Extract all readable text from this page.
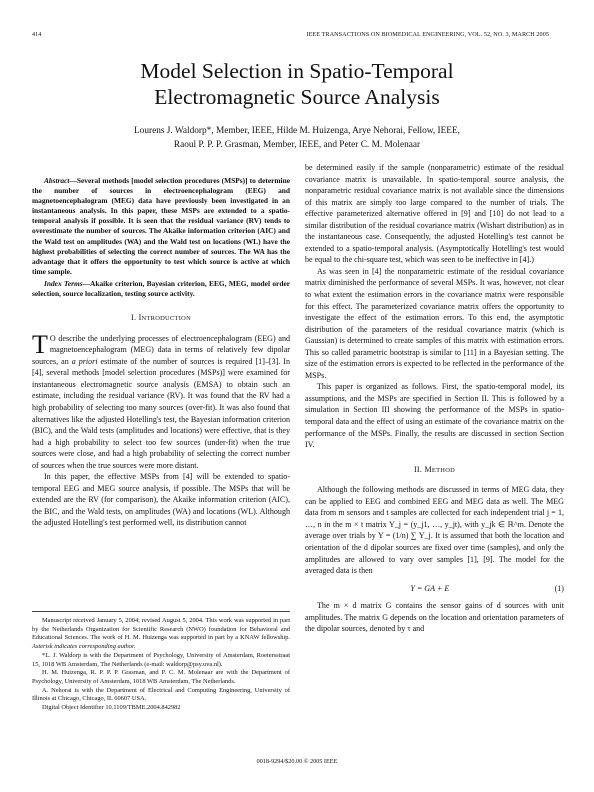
414	IEEE TRANSACTIONS ON BIOMEDICAL ENGINEERING, VOL. 52, NO. 3, MARCH 2005
Model Selection in Spatio-Temporal
Electromagnetic Source Analysis
Lourens J. Waldorp*, Member, IEEE, Hilde M. Huizenga, Arye Nehorai, Fellow, IEEE,
Raoul P. P. P. Grasman, Member, IEEE, and Peter C. M. Molenaar

Abstract—Several methods [model selection procedures (MSPs)] to determine the number of sources in electroencephalogram (EEG) and magnetoencephalogram (MEG) data have previously been investigated in an instantaneous analysis. In this paper, these MSPs are extended to a spatio-temporal analysis if possible. It is seen that the residual variance (RV) tends to overestimate the number of sources. The Akaike information criterion (AIC) and the Wald test on amplitudes (WA) and the Wald test on locations (WL) have the highest probabilities of selecting the correct number of sources. The WA has the advantage that it offers the opportunity to test which source is active at which time sample.

Index Terms—Akaike criterion, Bayesian criterion, EEG, MEG, model order selection, source localization, testing source activity.

I. INTRODUCTION

T O describe the underlying processes of electroencephalogram (EEG) and magnetoencephalogram (MEG) data in terms of relatively few dipolar sources, an a priori estimate of the number of sources is required [1]–[3]. In [4], several methods [model selection procedures (MSPs)] were examined for instantaneous electromagnetic source analysis (EMSA) to obtain such an estimate, including the residual variance (RV). It was found that the RV had a high probability of selecting too many sources (over-fit). It was also found that alternatives like the adjusted Hotelling's test, the Bayesian information criterion (BIC), and the Wald tests (amplitudes and locations) were effective, that is they had a high probability to select too few sources (under-fit) when the true sources were close, and had a high probability of selecting the correct number of sources when the true sources were more distant.

In this paper, the effective MSPs from [4] will be extended to spatio-temporal EEG and MEG source analysis, if possible. The MSPs that will be extended are the RV (for comparison), the Akaike information criterion (AIC), the BIC, and the Wald tests, on amplitudes (WA) and locations (WL). Although the adjusted Hotelling's test performed well, its distribution cannot

Manuscript received January 5, 2004; revised August 5, 2004. This work was supported in part by the Netherlands Organization for Scientific Research (NWO) foundation for Behavioral and Educational Sciences. The work of H. M. Huizenga was supported in part by a KNAW fellowship. Asterisk indicates corresponding author.

*L. J. Waldorp is with the Department of Psychology, University of Amsterdam, Roetersstraat 15, 1018 WB Amsterdam, The Netherlands (e-mail: waldorp@psy.uva.nl).

H. M. Huizenga, R. P. P. P. Grasman, and P. C. M. Molenaar are with the Department of Psychology, University of Amsterdam, 1018 WB Amsterdam, The Netherlands.

A. Nehorai is with the Department of Electrical and Computing Engineering, University of Illinois at Chicago, Chicago, IL 60607 USA.

Digital Object Identifier 10.1109/TBME.2004.842982

be determined easily if the sample (nonparametric) estimate of the residual covariance matrix is unavailable. In spatio-temporal source analysis, the nonparametric residual covariance matrix is not available since the dimensions of this matrix are simply too large compared to the number of trials. The effective parameterized alternative offered in [9] and [10] do not lead to a similar distribution of the residual covariance matrix (Wishart distribution) as in the instantaneous case. Consequently, the adjusted Hotelling's test cannot be extended to a spatio-temporal analysis. (Asymptotically Hotelling's test would be equal to the chi-square test, which was seen to be ineffective in [4].)

As was seen in [4] the nonparametric estimate of the residual covariance matrix diminished the performance of several MSPs. It was, however, not clear to what extent the estimation errors in the covariance matrix were responsible for this effect. The parameterized covariance matrix offers the opportunity to investigate the effect of the estimation errors. To this end, the asymptotic distribution of the parameters of the residual covariance matrix (which is Gaussian) is determined to create samples of this matrix with estimation errors. This so called parametric bootstrap is similar to [11] in a Bayesian setting. The size of the estimation errors is expected to be reflected in the performance of the MSPs.

This paper is organized as follows. First, the spatio-temporal model, its assumptions, and the MSPs are specified in Section II. This is followed by a simulation in Section III showing the performance of the MSPs in spatio-temporal data and the effect of using an estimate of the covariance matrix on the performance of the MSPs. Finally, the results are discussed in section Section IV.

II. METHOD

Although the following methods are discussed in terms of MEG data, they can be applied to EEG and combined EEG and MEG data as well. The MEG data from m sensors and t samples are collected for each independent trial j = 1, …, n in the m × t matrix Y_j = (y_j1, …, y_jt), with y_jk ∈ ℝ^m. Denote the average over trials by Y = (1/n) ∑ Y_j. It is assumed that both the location and orientation of the d dipolar sources are fixed over time (samples), and only the amplitudes are allowed to vary over samples [1], [9]. The model for the averaged data is then

Y = GA + E	(1)

The m × d matrix G contains the sensor gains of d sources with unit amplitudes. The matrix G depends on the location and orientation parameters of the dipolar sources, denoted by τ and

0018-9294/$20.00 © 2005 IEEE
